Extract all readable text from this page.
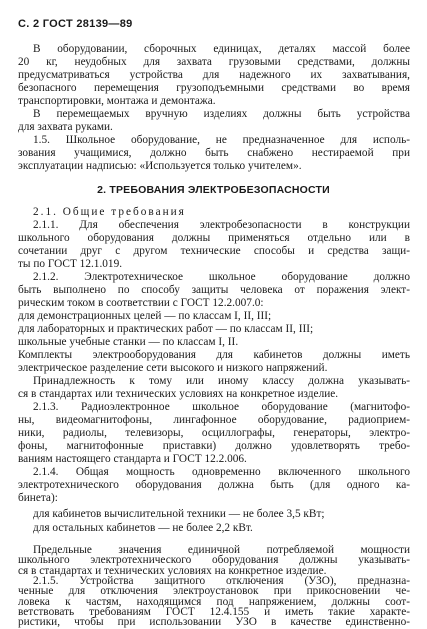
С. 2 ГОСТ 28139—89
В оборудовании, сборочных единицах, деталях массой более
20 кг, неудобных для захвата грузовыми средствами, должны
предусматриваться устройства для надежного их захватывания,
безопасного перемещения грузоподъемными средствами во время
транспортировки, монтажа и демонтажа.
В перемещаемых вручную изделиях должны быть устройства
для захвата руками.
1.5. Школьное оборудование, не предназначенное для исполь-
зования учащимися, должно быть снабжено нестираемой при
эксплуатации надписью: «Используется только учителем».
2. ТРЕБОВАНИЯ ЭЛЕКТРОБЕЗОПАСНОСТИ
2.1. Общие требования
2.1.1. Для обеспечения электробезопасности в конструкции
школьного оборудования должны применяться отдельно или в
сочетании друг с другом технические способы и средства защи-
ты по ГОСТ 12.1.019.
2.1.2. Электротехническое школьное оборудование должно
быть выполнено по способу защиты человека от поражения элект-
рическим током в соответствии с ГОСТ 12.2.007.0:
для демонстрационных целей — по классам I, II, III;
для лабораторных и практических работ — по классам II, III;
школьные учебные станки — по классам I, II.
Комплекты электрооборудования для кабинетов должны иметь
электрическое разделение сети высокого и низкого напряжений.
Принадлежность к тому или иному классу должна указывать-
ся в стандартах или технических условиях на конкретное изделие.
2.1.3. Радиоэлектронное школьное оборудование (магнитофо-
ны, видеомагнитофоны, лингафонное оборудование, радиоприем-
ники, радиолы, телевизоры, осциллографы, генераторы, электро-
фоны, магнитофонные приставки) должно удовлетворять требо-
ваниям настоящего стандарта и ГОСТ 12.2.006.
2.1.4. Общая мощность одновременно включенного школьного
электротехнического оборудования должна быть (для одного ка-
бинета):
для кабинетов вычислительной техники — не более 3,5 кВт;
для остальных кабинетов — не более 2,2 кВт.
Предельные значения единичной потребляемой мощности
школьного электротехнического оборудования должны указывать-
ся в стандартах и технических условиях на конкретное изделие.
2.1.5. Устройства защитного отключения (УЗО), предназна-
ченные для отключения электроустановок при прикосновении че-
ловека к частям, находящимся под напряжением, должны соот-
ветствовать требованиям ГОСТ 12.4.155 и иметь такие характе-
ристики, чтобы при использовании УЗО в качестве единственно-
